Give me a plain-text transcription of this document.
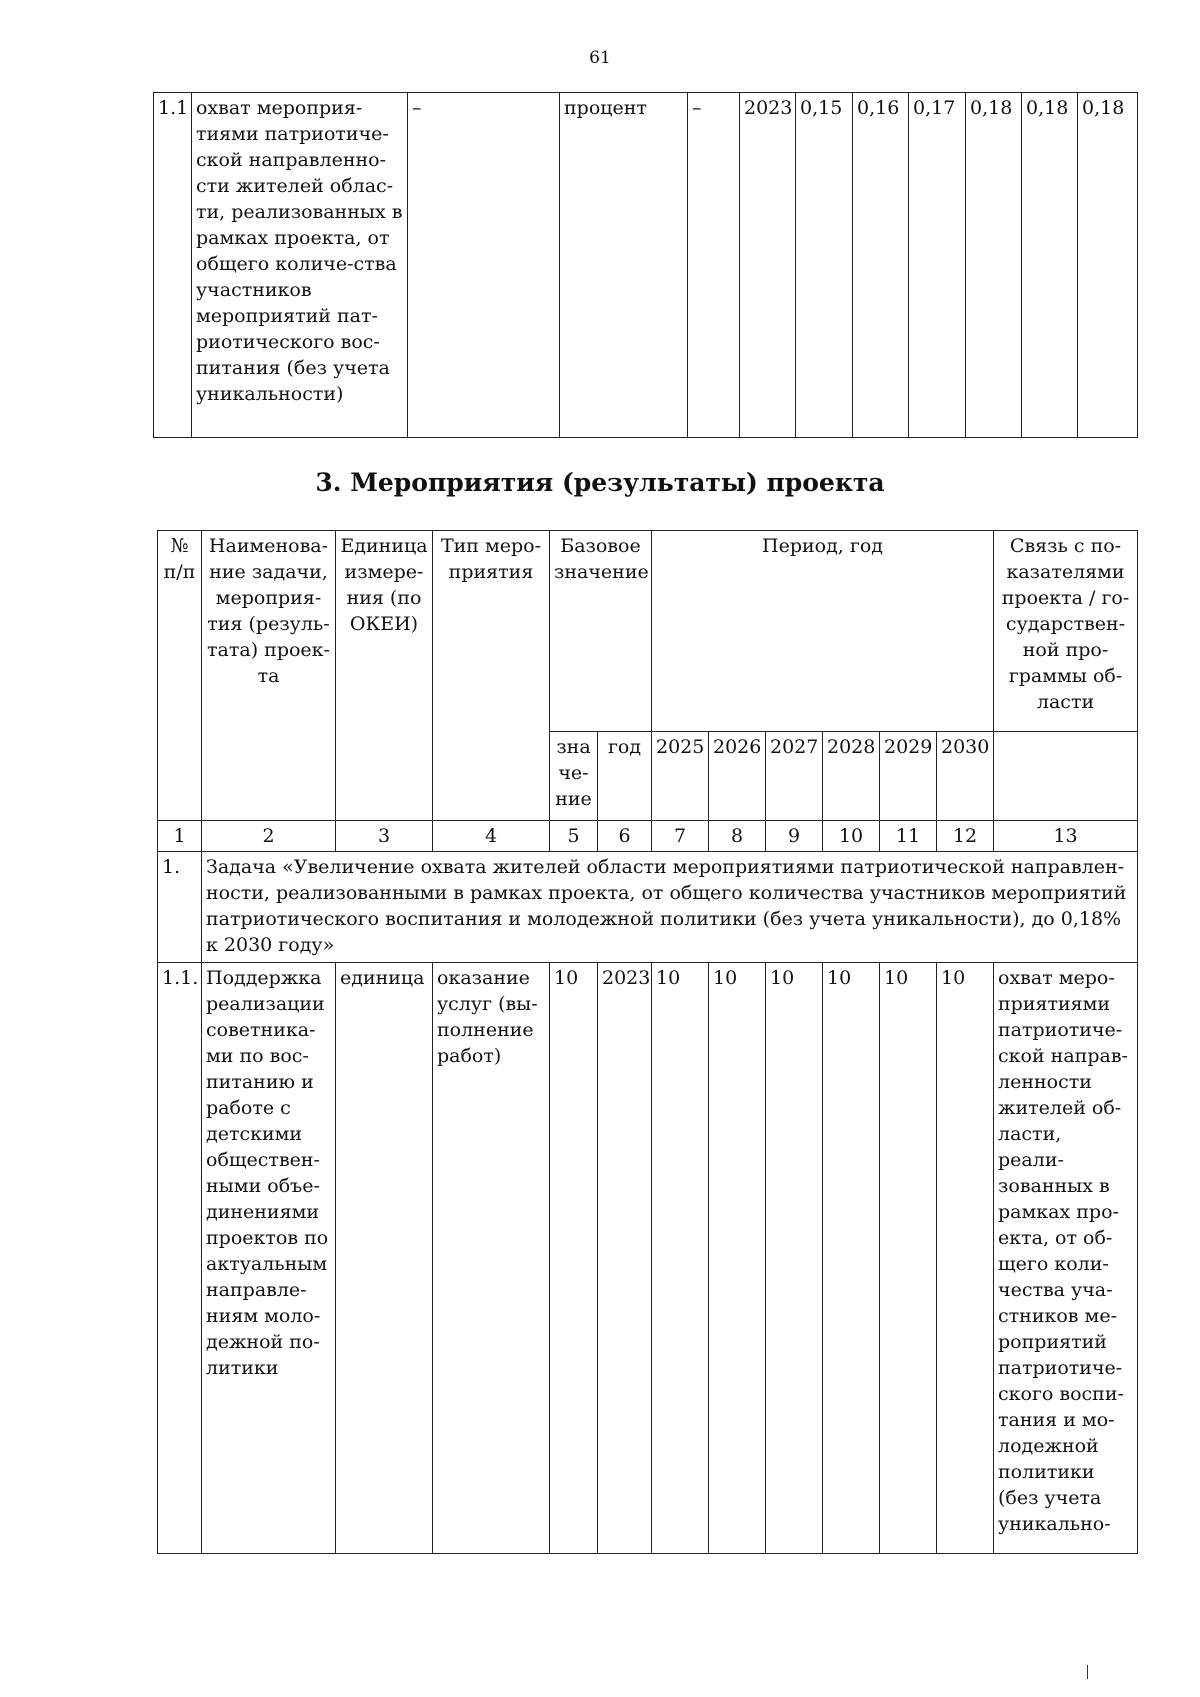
61
1.1	охват мероприя-тиями патриотиче-ской направленно-сти жителей облас-ти, реализованных в рамках проекта, от общего количе-ства участников мероприятий пат-риотического вос-питания (без учета уникальности)	–	процент	–	2023	0,15	0,16	0,17	0,18	0,18	0,18
3. Мероприятия (результаты) проекта
№ п/п	Наименова-ние задачи, мероприя-тия (резуль-тата) проек-та	Единица измере-ния (по ОКЕИ)	Тип меро-приятия	Базовое значение		Период, год						Связь с по-казателями проекта / го-сударствен-ной про-граммы об-ласти
				зна че-ние	год	2025	2026	2027	2028	2029	2030	
1	2	3	4	5	6	7	8	9	10	11	12	13
1.	Задача «Увеличение охвата жителей области мероприятиями патриотической направлен-ности, реализованными в рамках проекта, от общего количества участников мероприятий патриотического воспитания и молодежной политики (без учета уникальности), до 0,18% к 2030 году»											
1.1.	Поддержка реализации советника-ми по вос-питанию и работе с детскими обществен-ными объе-динениями проектов по актуальным направле-ниям моло-дежной по-литики	единица	оказание услуг (вы-полнение работ)	10	2023	10	10	10	10	10	10	охват меро-приятиями патриотиче-ской направ-ленности жителей об-ласти, реали-зованных в рамках про-екта, от об-щего коли-чества уча-стников ме-роприятий патриотиче-ского воспи-тания и мо-лодежной политики (без учета уникально-
